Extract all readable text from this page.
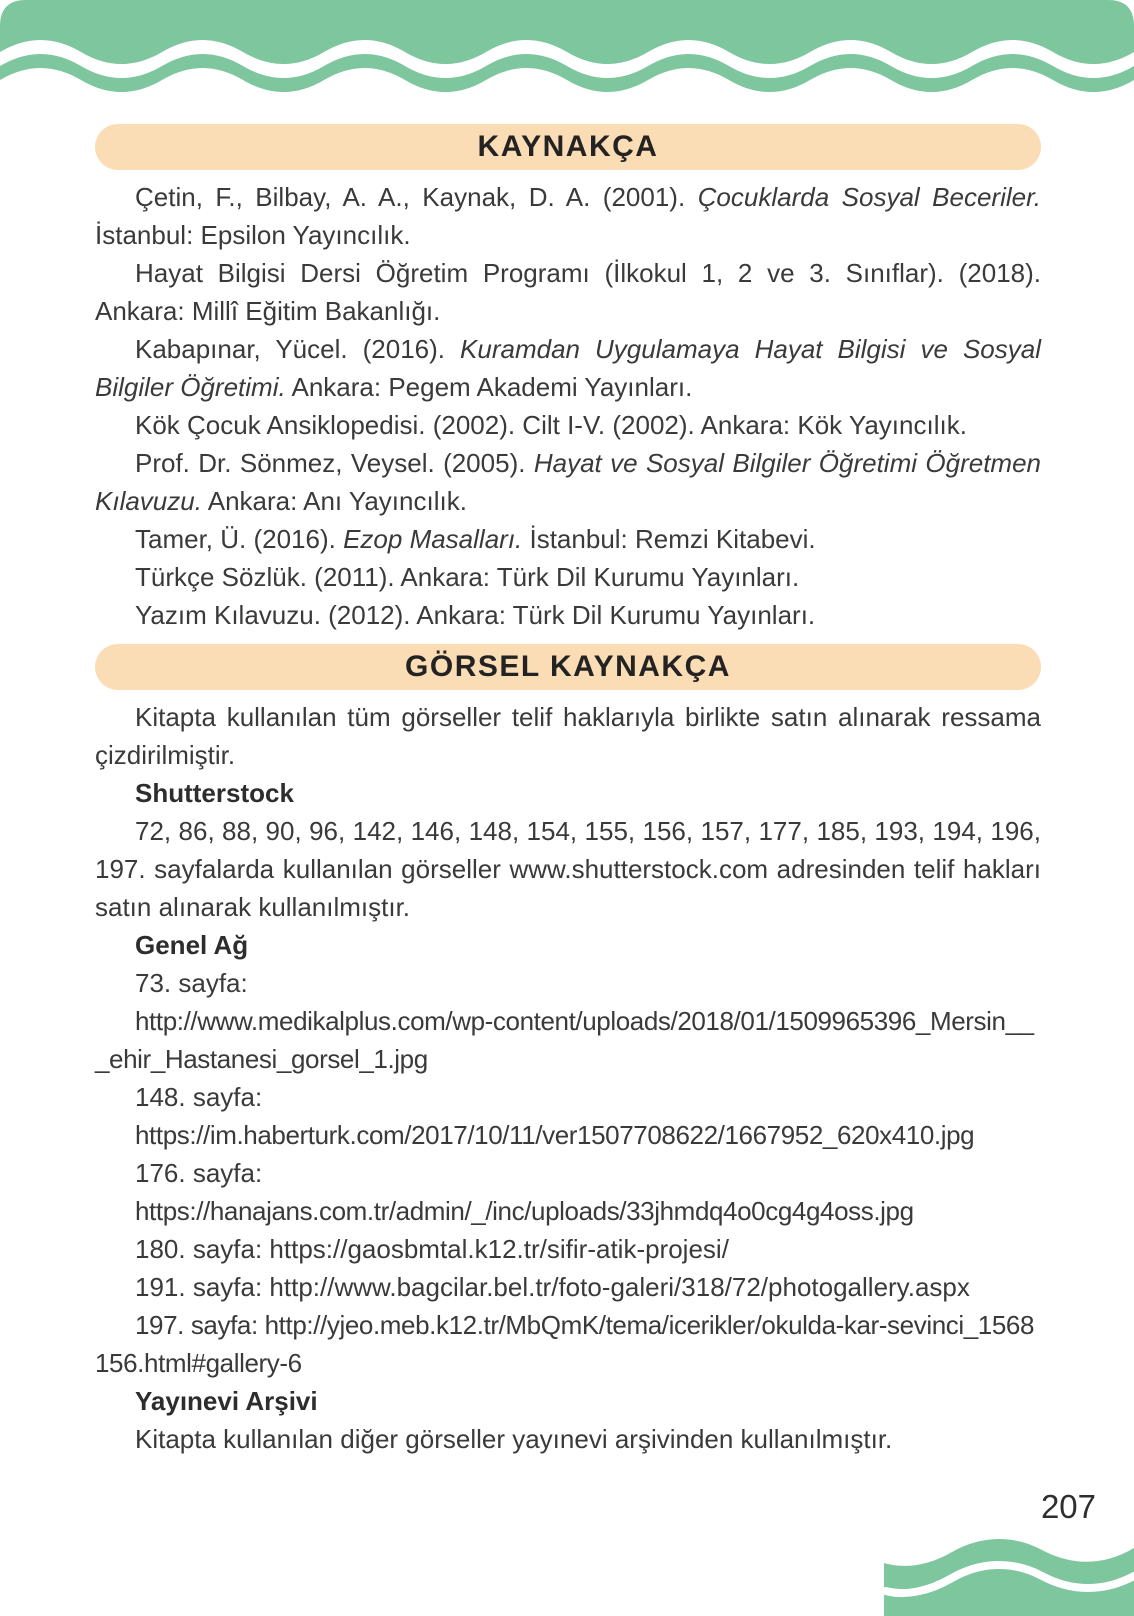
KAYNAKÇA

Çetin, F., Bilbay, A. A., Kaynak, D. A. (2001). Çocuklarda Sosyal Beceriler. İstanbul: Epsilon Yayıncılık.

Hayat Bilgisi Dersi Öğretim Programı (İlkokul 1, 2 ve 3. Sınıflar). (2018). Ankara: Millî Eğitim Bakanlığı.

Kabapınar, Yücel. (2016). Kuramdan Uygulamaya Hayat Bilgisi ve Sosyal Bilgiler Öğretimi. Ankara: Pegem Akademi Yayınları.

Kök Çocuk Ansiklopedisi. (2002). Cilt I-V. (2002). Ankara: Kök Yayıncılık.

Prof. Dr. Sönmez, Veysel. (2005). Hayat ve Sosyal Bilgiler Öğretimi Öğretmen Kılavuzu. Ankara: Anı Yayıncılık.

Tamer, Ü. (2016). Ezop Masalları. İstanbul: Remzi Kitabevi.

Türkçe Sözlük. (2011). Ankara: Türk Dil Kurumu Yayınları.

Yazım Kılavuzu. (2012). Ankara: Türk Dil Kurumu Yayınları.

GÖRSEL KAYNAKÇA

Kitapta kullanılan tüm görseller telif haklarıyla birlikte satın alınarak ressama çizdirilmiştir.

Shutterstock

72, 86, 88, 90, 96, 142, 146, 148, 154, 155, 156, 157, 177, 185, 193, 194, 196, 197. sayfalarda kullanılan görseller www.shutterstock.com adresinden telif hakları satın alınarak kullanılmıştır.

Genel Ağ

73. sayfa:

http://www.medikalplus.com/wp-content/uploads/2018/01/1509965396_Mersin___ehir_Hastanesi_gorsel_1.jpg

148. sayfa:

https://im.haberturk.com/2017/10/11/ver1507708622/1667952_620x410.jpg

176. sayfa:

https://hanajans.com.tr/admin/_/inc/uploads/33jhmdq4o0cg4g4oss.jpg

180. sayfa: https://gaosbmtal.k12.tr/sifir-atik-projesi/

191. sayfa: http://www.bagcilar.bel.tr/foto-galeri/318/72/photogallery.aspx

197. sayfa: http://yjeo.meb.k12.tr/MbQmK/tema/icerikler/okulda-kar-sevinci_1568156.html#gallery-6

Yayınevi Arşivi

Kitapta kullanılan diğer görseller yayınevi arşivinden kullanılmıştır.

207
